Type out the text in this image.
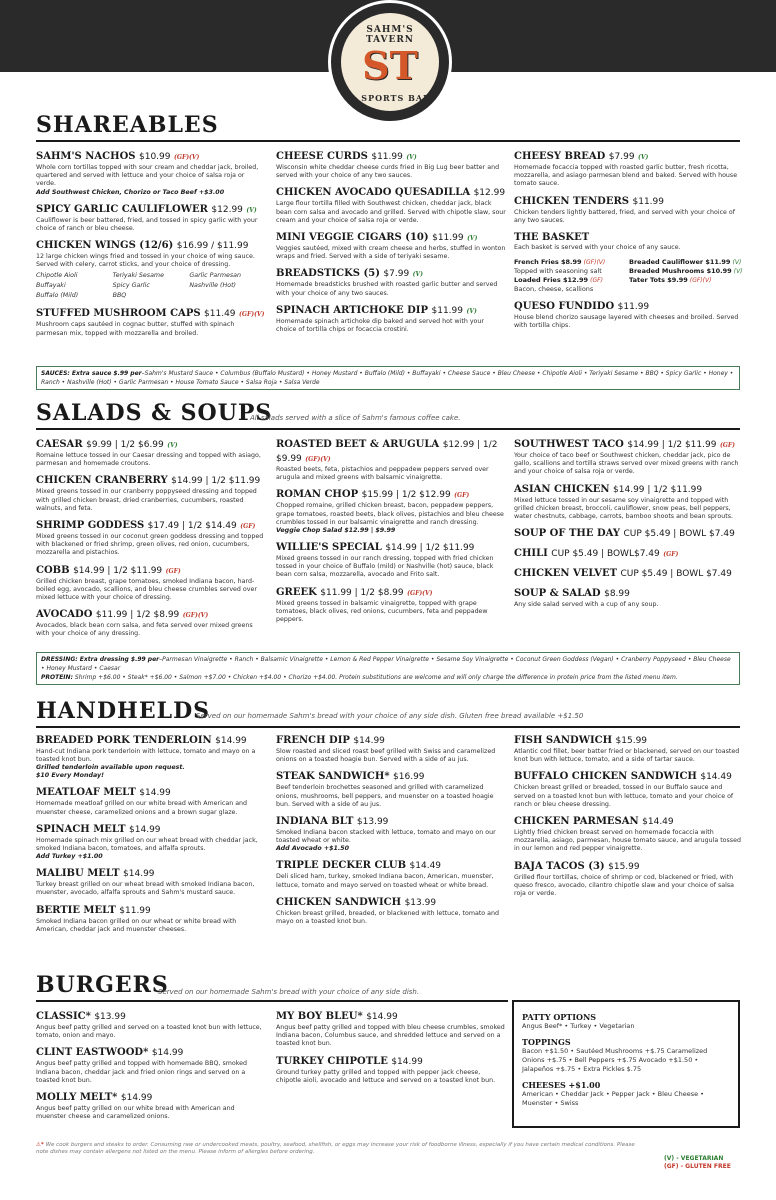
SAHM'S TAVERN
ST
& SPORTS BAR
SHAREABLES
SAHM'S NACHOS $10.99 (GF)(V)
Whole corn tortillas topped with sour cream and cheddar jack, broiled, quartered and served with lettuce and your choice of salsa roja or verde.
Add Southwest Chicken, Chorizo or Taco Beef +$3.00
SPICY GARLIC CAULIFLOWER $12.99 (V)
Cauliflower is beer battered, fried, and tossed in spicy garlic with your choice of ranch or bleu cheese.
CHICKEN WINGS (12/6) $16.99 / $11.99
12 large chicken wings fried and tossed in your choice of wing sauce. Served with celery, carrot sticks, and your choice of dressing.
Chipotle Aioli	Teriyaki Sesame	Garlic Parmesan
Buffayaki	Spicy Garlic	Nashville (Hot)
Buffalo (Mild)	BBQ
STUFFED MUSHROOM CAPS $11.49 (GF)(V)
Mushroom caps sautéed in cognac butter, stuffed with spinach parmesan mix, topped with mozzarella and broiled.
CHEESE CURDS $11.99 (V)
Wisconsin white cheddar cheese curds fried in Big Lug beer batter and served with your choice of any two sauces.
CHICKEN AVOCADO QUESADILLA $12.99
Large flour tortilla filled with Southwest chicken, cheddar jack, black bean corn salsa and avocado and grilled. Served with chipotle slaw, sour cream and your choice of salsa roja or verde.
MINI VEGGIE CIGARS (10) $11.99 (V)
Veggies sautéed, mixed with cream cheese and herbs, stuffed in wonton wraps and fried. Served with a side of teriyaki sesame.
BREADSTICKS (5) $7.99 (V)
Homemade breadsticks brushed with roasted garlic butter and served with your choice of any two sauces.
SPINACH ARTICHOKE DIP $11.99 (V)
Homemade spinach artichoke dip baked and served hot with your choice of tortilla chips or focaccia crostini.
CHEESY BREAD $7.99 (V)
Homemade focaccia topped with roasted garlic butter, fresh ricotta, mozzarella, and asiago parmesan blend and baked. Served with house tomato sauce.
CHICKEN TENDERS $11.99
Chicken tenders lightly battered, fried, and served with your choice of any two sauces.
THE BASKET
Each basket is served with your choice of any sauce.
French Fries $8.99 (GF)(V)	Breaded Cauliflower $11.99 (V)
Topped with seasoning salt	Breaded Mushrooms $10.99 (V)
Loaded Fries $12.99 (GF)	Tater Tots $9.99 (GF)(V)
Bacon, cheese, scallions
QUESO FUNDIDO $11.99
House blend chorizo sausage layered with cheeses and broiled. Served with tortilla chips.
SAUCES: Extra sauce $.99 per–Sahm's Mustard Sauce • Columbus (Buffalo Mustard) • Honey Mustard • Buffalo (Mild) • Buffayaki • Cheese Sauce • Bleu Cheese • Chipotle Aioli • Teriyaki Sesame • BBQ • Spicy Garlic • Honey • Ranch • Nashville (Hot) • Garlic Parmesan • House Tomato Sauce • Salsa Roja • Salsa Verde
SALADS & SOUPS
All salads served with a slice of Sahm's famous coffee cake.
CAESAR $9.99 | 1/2 $6.99 (V)
Romaine lettuce tossed in our Caesar dressing and topped with asiago, parmesan and homemade croutons.
CHICKEN CRANBERRY $14.99 | 1/2 $11.99
Mixed greens tossed in our cranberry poppyseed dressing and topped with grilled chicken breast, dried cranberries, cucumbers, roasted walnuts, and feta.
SHRIMP GODDESS $17.49 | 1/2 $14.49 (GF)
Mixed greens tossed in our coconut green goddess dressing and topped with blackened or fried shrimp, green olives, red onion, cucumbers, mozzarella and pistachios.
COBB $14.99 | 1/2 $11.99 (GF)
Grilled chicken breast, grape tomatoes, smoked Indiana bacon, hard-boiled egg, avocado, scallions, and bleu cheese crumbles served over mixed lettuce with your choice of dressing.
AVOCADO $11.99 | 1/2 $8.99 (GF)(V)
Avocados, black bean corn salsa, and feta served over mixed greens with your choice of any dressing.
ROASTED BEET & ARUGULA $12.99 | 1/2 $9.99 (GF)(V)
Roasted beets, feta, pistachios and peppadew peppers served over arugula and mixed greens with balsamic vinaigrette.
ROMAN CHOP $15.99 | 1/2 $12.99 (GF)
Chopped romaine, grilled chicken breast, bacon, peppadew peppers, grape tomatoes, roasted beets, black olives, pistachios and bleu cheese crumbles tossed in our balsamic vinaigrette and ranch dressing.
Veggie Chop Salad $12.99 | $9.99
WILLIE'S SPECIAL $14.99 | 1/2 $11.99
Mixed greens tossed in our ranch dressing, topped with fried chicken tossed in your choice of Buffalo (mild) or Nashville (hot) sauce, black bean corn salsa, mozzarella, avocado and Frito salt.
GREEK $11.99 | 1/2 $8.99 (GF)(V)
Mixed greens tossed in balsamic vinaigrette, topped with grape tomatoes, black olives, red onions, cucumbers, feta and peppadew peppers.
SOUTHWEST TACO $14.99 | 1/2 $11.99 (GF)
Your choice of taco beef or Southwest chicken, cheddar jack, pico de gallo, scallions and tortilla straws served over mixed greens with ranch and your choice of salsa roja or verde.
ASIAN CHICKEN $14.99 | 1/2 $11.99
Mixed lettuce tossed in our sesame soy vinaigrette and topped with grilled chicken breast, broccoli, cauliflower, snow peas, bell peppers, water chestnuts, cabbage, carrots, bamboo shoots and bean sprouts.
SOUP OF THE DAY CUP $5.49 | BOWL $7.49
CHILI CUP $5.49 | BOWL$7.49 (GF)
CHICKEN VELVET CUP $5.49 | BOWL $7.49
SOUP & SALAD $8.99
Any side salad served with a cup of any soup.
DRESSING: Extra dressing $.99 per–Parmesan Vinaigrette • Ranch • Balsamic Vinaigrette • Lemon & Red Pepper Vinaigrette • Sesame Soy Vinaigrette • Coconut Green Goddess (Vegan) • Cranberry Poppyseed • Bleu Cheese • Honey Mustard • Caesar
PROTEIN: Shrimp +$6.00 • Steak* +$6.00 • Salmon +$7.00 • Chicken +$4.00 • Chorizo +$4.00. Protein substitutions are welcome and will only charge the difference in protein price from the listed menu item.
HANDHELDS
Served on our homemade Sahm's bread with your choice of any side dish. Gluten free bread available +$1.50
BREADED PORK TENDERLOIN $14.99
Hand-cut Indiana pork tenderloin with lettuce, tomato and mayo on a toasted knot bun.
Grilled tenderloin available upon request.
$10 Every Monday!
MEATLOAF MELT $14.99
Homemade meatloaf grilled on our white bread with American and muenster cheese, caramelized onions and a brown sugar glaze.
SPINACH MELT $14.99
Homemade spinach mix grilled on our wheat bread with cheddar jack, smoked Indiana bacon, tomatoes, and alfalfa sprouts.
Add Turkey +$1.00
MALIBU MELT $14.99
Turkey breast grilled on our wheat bread with smoked Indiana bacon, muenster, avocado, alfalfa sprouts and Sahm's mustard sauce.
BERTIE MELT $11.99
Smoked Indiana bacon grilled on our wheat or white bread with American, cheddar jack and muenster cheeses.
FRENCH DIP $14.99
Slow roasted and sliced roast beef grilled with Swiss and caramelized onions on a toasted hoagie bun. Served with a side of au jus.
STEAK SANDWICH* $16.99
Beef tenderloin brochettes seasoned and grilled with caramelized onions, mushrooms, bell peppers, and muenster on a toasted hoagie bun. Served with a side of au jus.
INDIANA BLT $13.99
Smoked Indiana bacon stacked with lettuce, tomato and mayo on our toasted wheat or white.
Add Avocado +$1.50
TRIPLE DECKER CLUB $14.49
Deli sliced ham, turkey, smoked Indiana bacon, American, muenster, lettuce, tomato and mayo served on toasted wheat or white bread.
CHICKEN SANDWICH $13.99
Chicken breast grilled, breaded, or blackened with lettuce, tomato and mayo on a toasted knot bun.
FISH SANDWICH $15.99
Atlantic cod fillet, beer batter fried or blackened, served on our toasted knot bun with lettuce, tomato, and a side of tartar sauce.
BUFFALO CHICKEN SANDWICH $14.49
Chicken breast grilled or breaded, tossed in our Buffalo sauce and served on a toasted knot bun with lettuce, tomato and your choice of ranch or bleu cheese dressing.
CHICKEN PARMESAN $14.49
Lightly fried chicken breast served on homemade focaccia with mozzarella, asiago, parmesan, house tomato sauce, and arugula tossed in our lemon and red pepper vinaigrette.
BAJA TACOS (3) $15.99
Grilled flour tortillas, choice of shrimp or cod, blackened or fried, with queso fresco, avocado, cilantro chipotle slaw and your choice of salsa roja or verde.
BURGERS
Served on our homemade Sahm's bread with your choice of any side dish.
CLASSIC* $13.99
Angus beef patty grilled and served on a toasted knot bun with lettuce, tomato, onion and mayo.
CLINT EASTWOOD* $14.99
Angus beef patty grilled and topped with homemade BBQ, smoked Indiana bacon, cheddar jack and fried onion rings and served on a toasted knot bun.
MOLLY MELT* $14.99
Angus beef patty grilled on our white bread with American and muenster cheese and caramelized onions.
MY BOY BLEU* $14.99
Angus beef patty grilled and topped with bleu cheese crumbles, smoked Indiana bacon, Columbus sauce, and shredded lettuce and served on a toasted knot bun.
TURKEY CHIPOTLE $14.99
Ground turkey patty grilled and topped with pepper jack cheese, chipotle aioli, avocado and lettuce and served on a toasted knot bun.
PATTY OPTIONS
Angus Beef* • Turkey • Vegetarian
TOPPINGS
Bacon +$1.50 • Sautéed Mushrooms +$.75 Caramelized Onions +$.75 • Bell Peppers +$.75 Avocado +$1.50 • Jalapeños +$.75 • Extra Pickles $.75
CHEESES +$1.00
American • Cheddar Jack • Pepper Jack • Bleu Cheese • Muenster • Swiss
⚠* We cook burgers and steaks to order. Consuming raw or undercooked meats, poultry, seafood, shellfish, or eggs may increase your risk of foodborne illness, especially if you have certain medical conditions. Please note dishes may contain allergens not listed on the menu. Please inform of allergies before ordering.
(V) - VEGETARIAN
(GF) - GLUTEN FREE
